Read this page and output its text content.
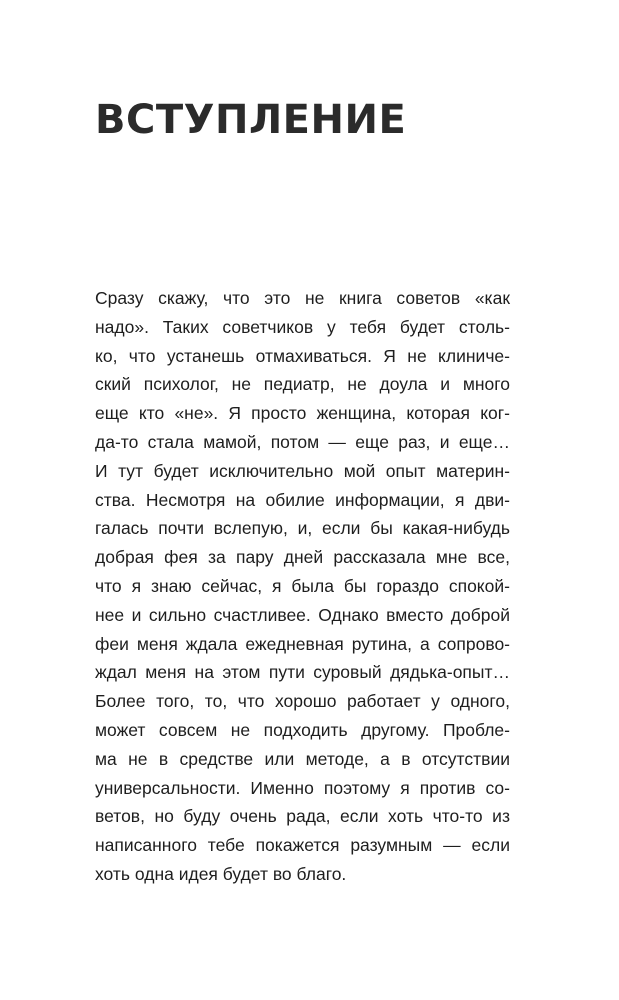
ВСТУПЛЕНИЕ
Сразу скажу, что это не книга советов «как
надо». Таких советчиков у тебя будет столь-
ко, что устанешь отмахиваться. Я не клиниче-
ский психолог, не педиатр, не доула и много
еще кто «не». Я просто женщина, которая ког-
да-то стала мамой, потом — еще раз, и еще…
И тут будет исключительно мой опыт материн-
ства. Несмотря на обилие информации, я дви-
галась почти вслепую, и, если бы какая-нибудь
добрая фея за пару дней рассказала мне все,
что я знаю сейчас, я была бы гораздо спокой-
нее и сильно счастливее. Однако вместо доброй
феи меня ждала ежедневная рутина, а сопрово-
ждал меня на этом пути суровый дядька-опыт…
Более того, то, что хорошо работает у одного,
может совсем не подходить другому. Пробле-
ма не в средстве или методе, а в отсутствии
универсальности. Именно поэтому я против со-
ветов, но буду очень рада, если хоть что-то из
написанного тебе покажется разумным — если
хоть одна идея будет во благо.
